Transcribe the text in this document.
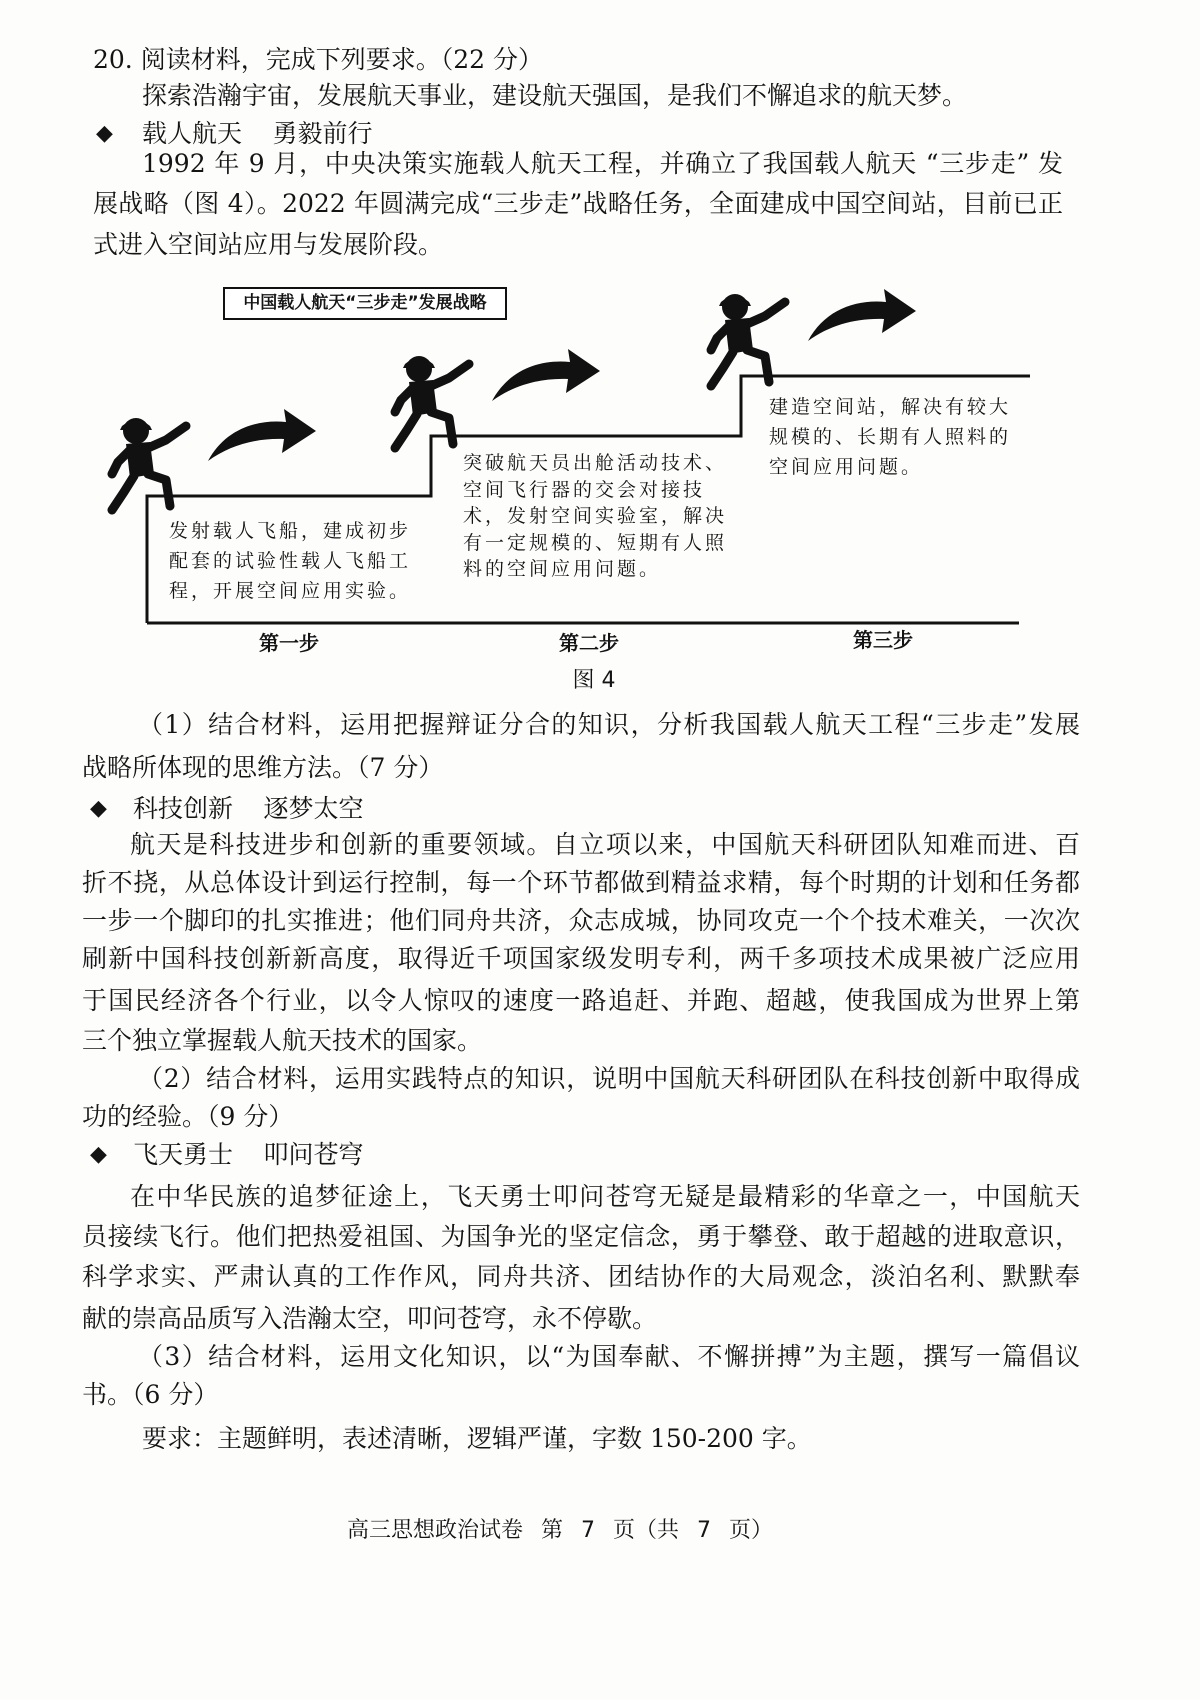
20. 阅读材料，完成下列要求。（22 分）
探索浩瀚宇宙，发展航天事业，建设航天强国，是我们不懈追求的航天梦。
◆ 载人航天 勇毅前行
1992 年 9 月，中央决策实施载人航天工程，并确立了我国载人航天 “三步走” 发
展战略（图 4）。2022 年圆满完成“三步走”战略任务，全面建成中国空间站，目前已正
式进入空间站应用与发展阶段。
中国载人航天“三步走”发展战略
发射载人飞船，建成初步
配套的试验性载人飞船工
程，开展空间应用实验。
突破航天员出舱活动技术、
空间飞行器的交会对接技
术，发射空间实验室，解决
有一定规模的、短期有人照
料的空间应用问题。
建造空间站，解决有较大
规模的、长期有人照料的
空间应用问题。
第一步	第二步	第三步
图 4
（1）结合材料，运用把握辩证分合的知识，分析我国载人航天工程“三步走”发展
战略所体现的思维方法。（7 分）
◆ 科技创新 逐梦太空
航天是科技进步和创新的重要领域。自立项以来，中国航天科研团队知难而进、百
折不挠，从总体设计到运行控制，每一个环节都做到精益求精，每个时期的计划和任务都
一步一个脚印的扎实推进；他们同舟共济，众志成城，协同攻克一个个技术难关，一次次
刷新中国科技创新新高度，取得近千项国家级发明专利，两千多项技术成果被广泛应用
于国民经济各个行业，以令人惊叹的速度一路追赶、并跑、超越，使我国成为世界上第
三个独立掌握载人航天技术的国家。
（2）结合材料，运用实践特点的知识，说明中国航天科研团队在科技创新中取得成
功的经验。（9 分）
◆ 飞天勇士 叩问苍穹
在中华民族的追梦征途上，飞天勇士叩问苍穹无疑是最精彩的华章之一，中国航天
员接续飞行。他们把热爱祖国、为国争光的坚定信念，勇于攀登、敢于超越的进取意识，
科学求实、严肃认真的工作作风，同舟共济、团结协作的大局观念，淡泊名利、默默奉
献的崇高品质写入浩瀚太空，叩问苍穹，永不停歇。
（3）结合材料，运用文化知识，以“为国奉献、不懈拼搏”为主题，撰写一篇倡议
书。（6 分）
要求：主题鲜明，表述清晰，逻辑严谨，字数 150-200 字。
高三思想政治试卷 第 7 页（共 7 页）
